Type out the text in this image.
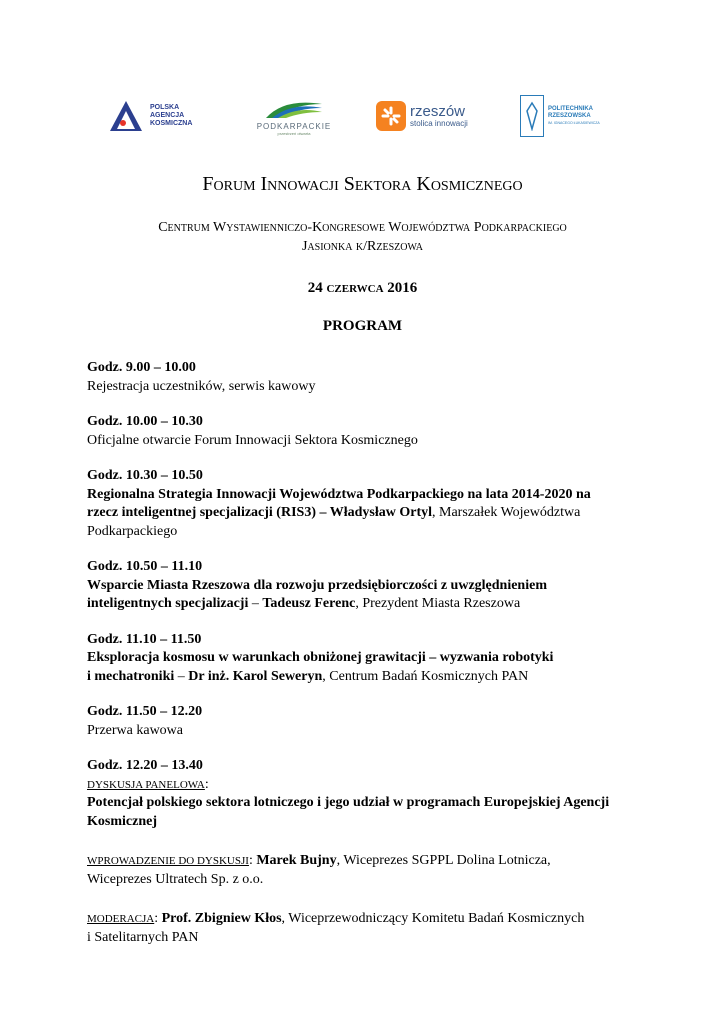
POLSKA
AGENCJA
KOSMICZNA	PODKARPACKIE
przestrzeń otwarta
rzeszów
stolica innowacji
POLITECHNIKA
RZESZOWSKA
IM. IGNACEGO ŁUKASIEWICZA
Forum Innowacji Sektora Kosmicznego
Centrum Wystawienniczo-Kongresowe Województwa Podkarpackiego
Jasionka k/Rzeszowa
24 czerwca 2016
PROGRAM
Godz. 9.00 – 10.00
Rejestracja uczestników, serwis kawowy
Godz. 10.00 – 10.30
Oficjalne otwarcie Forum Innowacji Sektora Kosmicznego
Godz. 10.30 – 10.50
Regionalna Strategia Innowacji Województwa Podkarpackiego na lata 2014-2020 na
rzecz inteligentnej specjalizacji (RIS3) – Władysław Ortyl, Marszałek Województwa
Podkarpackiego
Godz. 10.50 – 11.10
Wsparcie Miasta Rzeszowa dla rozwoju przedsiębiorczości z uwzględnieniem
inteligentnych specjalizacji – Tadeusz Ferenc, Prezydent Miasta Rzeszowa
Godz. 11.10 – 11.50
Eksploracja kosmosu w warunkach obniżonej grawitacji – wyzwania robotyki
i mechatroniki – Dr inż. Karol Seweryn, Centrum Badań Kosmicznych PAN
Godz. 11.50 – 12.20
Przerwa kawowa
Godz. 12.20 – 13.40
DYSKUSJA PANELOWA:
Potencjał polskiego sektora lotniczego i jego udział w programach Europejskiej Agencji
Kosmicznej
WPROWADZENIE DO DYSKUSJI: Marek Bujny, Wiceprezes SGPPL Dolina Lotnicza,
Wiceprezes Ultratech Sp. z o.o.
MODERACJA: Prof. Zbigniew Kłos, Wiceprzewodniczący Komitetu Badań Kosmicznych
i Satelitarnych PAN
